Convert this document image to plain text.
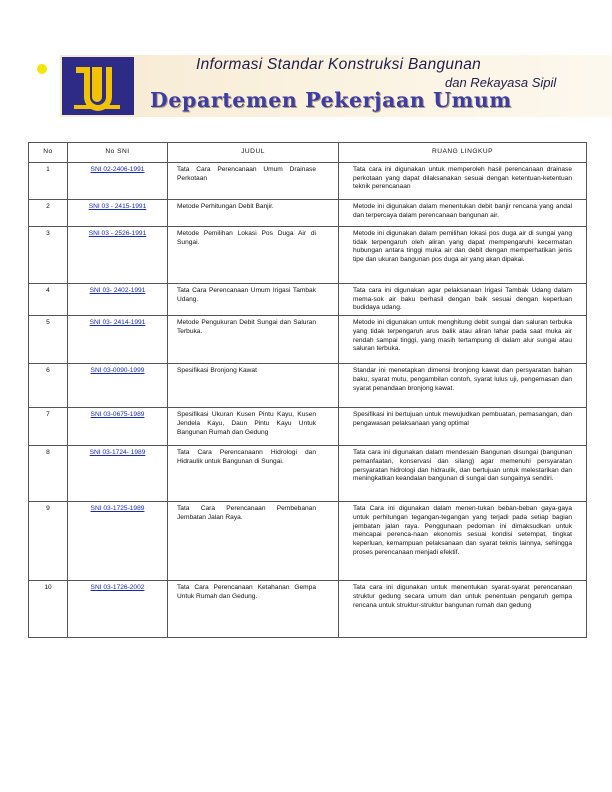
Informasi Standar Konstruksi Bangunan
dan Rekayasa Sipil
Departemen Pekerjaan Umum
No	No SNI	JUDUL	RUANG LINGKUP
1	SNI 02-2406-1991	Tata Cara Perencanaan Umum Drainase Perkotaan	Tata cara ini digunakan untuk memperoleh hasil perencanaan drainase perkotaan yang dapat dilaksanakan sesuai dengan ketentuan-ketentuan teknik perencanaan
2	SNI 03 - 2415-1991	Metode Perhitungan Debit Banjir.	Metode ini digunakan dalam menentukan debit banjir rencana yang andal dan terpercaya dalam perencanaan bangunan air.
3	SNI 03 - 2526-1991	Metode Pemilihan Lokasi Pos Duga Air di Sungai.	Metode ini digunakan dalam pemilihan lokasi pos duga air di sungai yang tidak terpengaruh oleh aliran yang dapat mempengaruhi kecermatan hubungan antara tinggi muka air dan debit dengan memperhatikan jenis tipe dan ukuran bangunan pos duga air yang akan dipakai.
4	SNI 03- 2402-1991	Tata Cara Perencanaan Umum Irigasi Tambak Udang.	Tata cara ini digunakan agar pelaksanaan Irigasi Tambak Udang dalam mema-sok air baku berhasil dengan baik sesuai dengan keperluan budidaya udang.
5	SNI 03- 2414-1991	Metode Pengukuran Debit Sungai dan Saluran Terbuka.	Metode ini digunakan untuk menghitung debit sungai dan saluran terbuka yang tidak terpengaruh arus balik atau aliran lahar pada saat muka air rendah sampai tinggi, yang masih tertampung di dalam alur sungai atau saluran terbuka.
6	SNI 03-0090-1999	Spesifikasi Bronjong Kawat	Standar ini menetapkan dimensi bronjong kawat dan persyaratan bahan baku, syarat mutu, pengambilan contoh, syarat lulus uji, pengemasan dan syarat penandaan bronjong kawat.
7	SNI 03-0675-1989	Spesifikasi Ukuran Kusen Pintu Kayu, Kusen Jendela Kayu, Daun Pintu Kayu Untuk Bangunan Rumah dan Gedung	Spesifikasi ini bertujuan untuk mewujudkan pembuatan, pemasangan, dan pengawasan pelaksanaan yang optimal
8	SNI 03-1724- 1989	Tata Cara Perencanaann Hidrologi dan Hidraulik untuk Bangunan di Sungai.	Tata cara ini digunakan dalam mendesain Bangunan disungai (bangunan pemanfaatan, konservasi dan silang) agar memenuhi persyaratan persyaratan hidrologi dan hidraulik, dan bertujuan untuk melestarikan dan meningkatkan keandalan bangunan di sungai dan sungainya sendiri.
9	SNI 03-1725-1989	Tata Cara Perencanaan Pembebanan Jembatan Jalan Raya.	Tata Cara ini digunakan dalam menen-tukan beban-beban gaya-gaya untuk perhitungan tegangan-tegangan yang terjadi pada setiap bagian jembatan jalan raya. Penggunaan pedoman ini dimaksudkan untuk mencapai perenca-naan ekonomis sesuai kondisi setempat, tingkat keperluan, kemampuan pelaksanaan dan syarat teknis lainnya, sehingga proses perencanaan menjadi efektif.
10	SNI 03-1726-2002	Tata Cara Perencanaan Ketahanan Gempa Untuk Rumah dan Gedung.	Tata cara ini digunakan untuk menentukan syarat-syarat perencanaan struktur gedung secara umum dan untuk penentuan pengaruh gempa rencana untuk struktur-struktur bangunan rumah dan gedung
